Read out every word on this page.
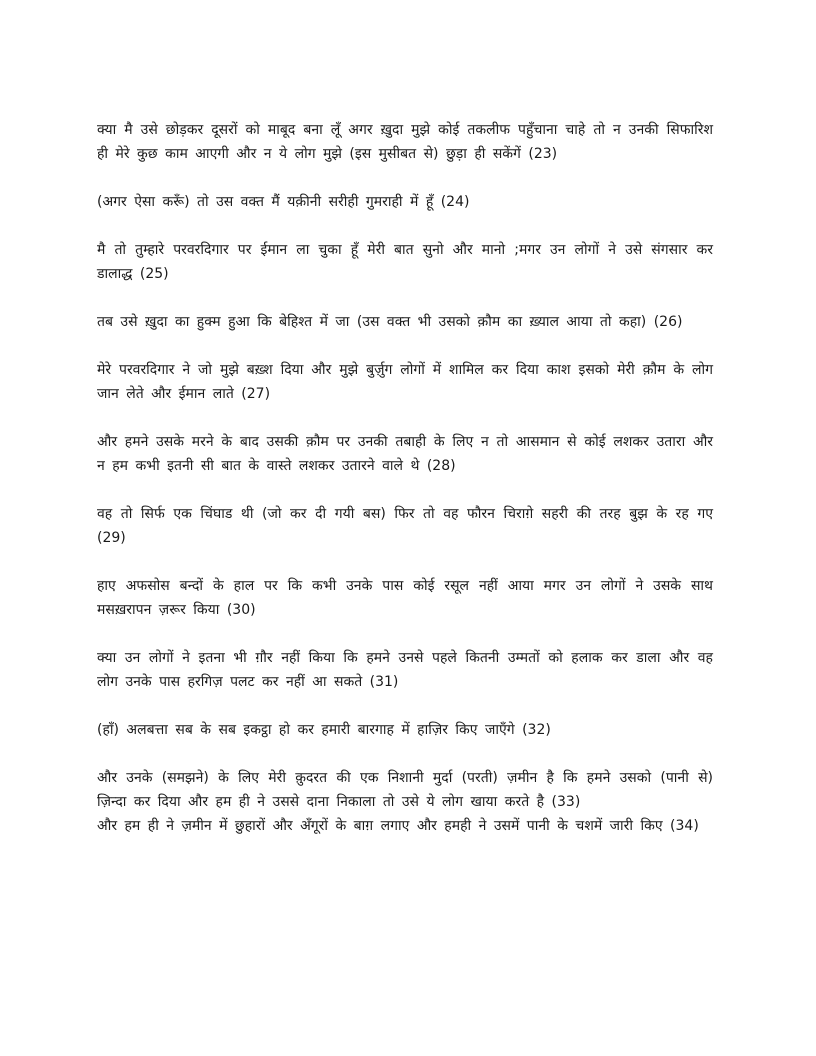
क्या मै उसे छोड़कर दूसरों को माबूद बना लूँ अगर ख़ुदा मुझे कोई तकलीफ पहुँचाना चाहे तो न उनकी सिफारिश ही मेरे कुछ काम आएगी और न ये लोग मुझे (इस मुसीबत से) छुड़ा ही सकेंगें (23)

(अगर ऐसा करूँ) तो उस वक्त मैं यक़ीनी सरीही गुमराही में हूँ (24)

मै तो तुम्हारे परवरदिगार पर ईमान ला चुका हूँ मेरी बात सुनो और मानो ;मगर उन लोगों ने उसे संगसार कर डालाद्ध (25)

तब उसे ख़ुदा का हुक्म हुआ कि बेहिश्त में जा (उस वक्त भी उसको क़ौम का ख़्याल आया तो कहा) (26)

मेरे परवरदिगार ने जो मुझे बख़्श दिया और मुझे बुर्ज़ुग लोगों में शामिल कर दिया काश इसको मेरी क़ौम के लोग जान लेते और ईमान लाते (27)

और हमने उसके मरने के बाद उसकी क़ौम पर उनकी तबाही के लिए न तो आसमान से कोई लशकर उतारा और न हम कभी इतनी सी बात के वास्ते लशकर उतारने वाले थे (28)

वह तो सिर्फ एक चिंघाड थी (जो कर दी गयी बस) फिर तो वह फौरन चिराग़े सहरी की तरह बुझ के रह गए (29)

हाए अफसोस बन्दों के हाल पर कि कभी उनके पास कोई रसूल नहीं आया मगर उन लोगों ने उसके साथ मसख़रापन ज़रूर किया (30)

क्या उन लोगों ने इतना भी ग़ौर नहीं किया कि हमने उनसे पहले कितनी उम्मतों को हलाक कर डाला और वह लोग उनके पास हरगिज़ पलट कर नहीं आ सकते (31)

(हाँ) अलबत्ता सब के सब इकट्ठा हो कर हमारी बारगाह में हाज़िर किए जाएँगे (32)

और उनके (समझने) के लिए मेरी क़ुदरत की एक निशानी मुर्दा (परती) ज़मीन है कि हमने उसको (पानी से) ज़िन्दा कर दिया और हम ही ने उससे दाना निकाला तो उसे ये लोग खाया करते है (33)

और हम ही ने ज़मीन में छुहारों और अँगूरों के बाग़ लगाए और हमही ने उसमें पानी के चशमें जारी किए (34)
